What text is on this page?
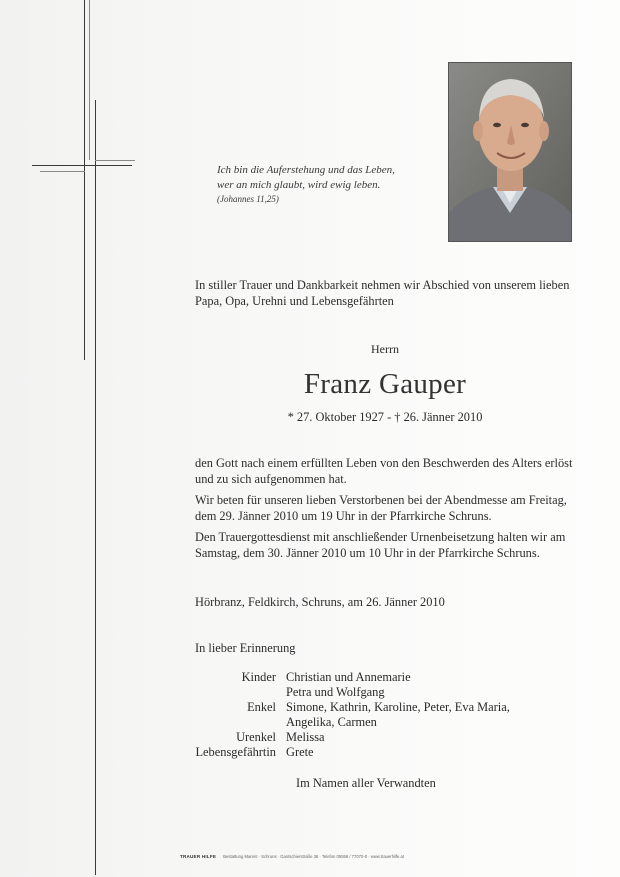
Ich bin die Auferstehung und das Leben,
wer an mich glaubt, wird ewig leben.
(Johannes 11,25)
In stiller Trauer und Dankbarkeit nehmen wir Abschied von unserem lieben Papa, Opa, Urehni und Lebensgefährten
Herrn
Franz Gauper
* 27. Oktober 1927 - † 26. Jänner 2010
den Gott nach einem erfüllten Leben von den Beschwerden des Alters erlöst und zu sich aufgenommen hat.
Wir beten für unseren lieben Verstorbenen bei der Abendmesse am Freitag, dem 29. Jänner 2010 um 19 Uhr in der Pfarrkirche Schruns.
Den Trauergottesdienst mit anschließender Urnenbeisetzung halten wir am Samstag, dem 30. Jänner 2010 um 10 Uhr in der Pfarrkirche Schruns.
Hörbranz, Feldkirch, Schruns, am 26. Jänner 2010
In lieber Erinnerung
Kinder Christian und Annemarie
Petra und Wolfgang
Enkel Simone, Kathrin, Karoline, Peter, Eva Maria,
Angelika, Carmen
Urenkel Melissa
Lebensgefährtin Grete
Im Namen aller Verwandten
TRAUER HILFE Bestattung Marent · Schruns · Gantschierstraße 36 · Telefon 05556 / 77070-0 · www.trauerhilfe.at
